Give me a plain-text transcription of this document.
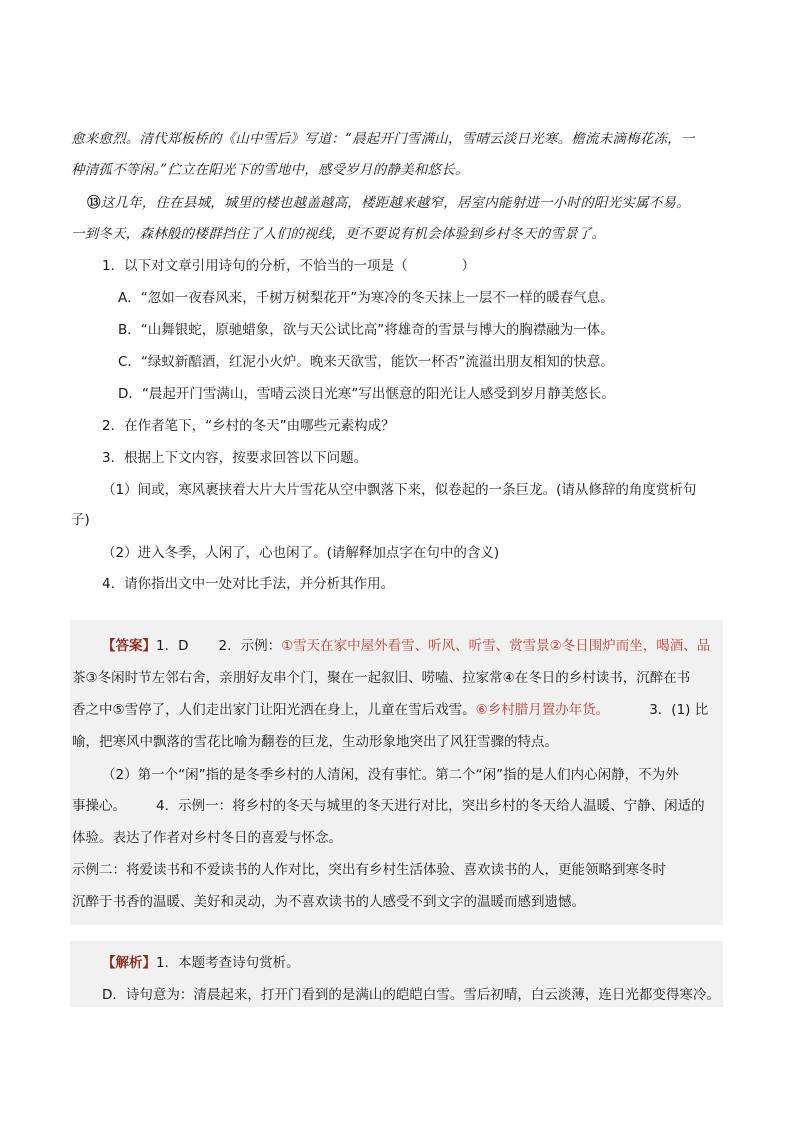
愈来愈烈。清代郑板桥的《山中雪后》写道：“晨起开门雪满山，雪晴云淡日光寒。檐流未滴梅花冻，一
种清孤不等闲。”伫立在阳光下的雪地中，感受岁月的静美和悠长。
⑬这几年，住在县城，城里的楼也越盖越高，楼距越来越窄，居室内能射进一小时的阳光实属不易。
一到冬天，森林般的楼群挡住了人们的视线，更不要说有机会体验到乡村冬天的雪景了。
1．以下对文章引用诗句的分析，不恰当的一项是（　　　　）
A．“忽如一夜春风来，千树万树梨花开”为寒冷的冬天抹上一层不一样的暖春气息。
B．“山舞银蛇，原驰蜡象，欲与天公试比高”将雄奇的雪景与博大的胸襟融为一体。
C．“绿蚁新醅酒，红泥小火炉。晚来天欲雪，能饮一杯否”流溢出朋友相知的快意。
D．“晨起开门雪满山，雪晴云淡日光寒”写出惬意的阳光让人感受到岁月静美悠长。
2．在作者笔下，“乡村的冬天”由哪些元素构成？
3．根据上下文内容，按要求回答以下问题。
（1）间或，寒风裹挟着大片大片雪花从空中飘落下来，似卷起的一条巨龙。(请从修辞的角度赏析句
子)
（2）进入冬季，人闲了，心也闲了。(请解释加点字在句中的含义)
4．请你指出文中一处对比手法，并分析其作用。
【答案】1．D 2．示例：①雪天在家中屋外看雪、听风、听雪、赏雪景②冬日围炉而坐，喝酒、品
茶③冬闲时节左邻右舍，亲朋好友串个门，聚在一起叙旧、唠嗑、拉家常④在冬日的乡村读书，沉醉在书
香之中⑤雪停了，人们走出家门让阳光洒在身上，儿童在雪后戏雪。⑥乡村腊月置办年货。	3．(1) 比
喻，把寒风中飘落的雪花比喻为翻卷的巨龙，生动形象地突出了风狂雪骤的特点。
（2）第一个“闲”指的是冬季乡村的人清闲，没有事忙。第二个“闲”指的是人们内心闲静，不为外
事操心。 4．示例一：将乡村的冬天与城里的冬天进行对比，突出乡村的冬天给人温暖、宁静、闲适的
体验。表达了作者对乡村冬日的喜爱与怀念。
示例二：将爱读书和不爱读书的人作对比，突出有乡村生活体验、喜欢读书的人，更能领略到寒冬时
沉醉于书香的温暖、美好和灵动，为不喜欢读书的人感受不到文字的温暖而感到遗憾。
【解析】1．本题考查诗句赏析。
D．诗句意为：清晨起来，打开门看到的是满山的皑皑白雪。雪后初晴，白云淡薄，连日光都变得寒冷。
